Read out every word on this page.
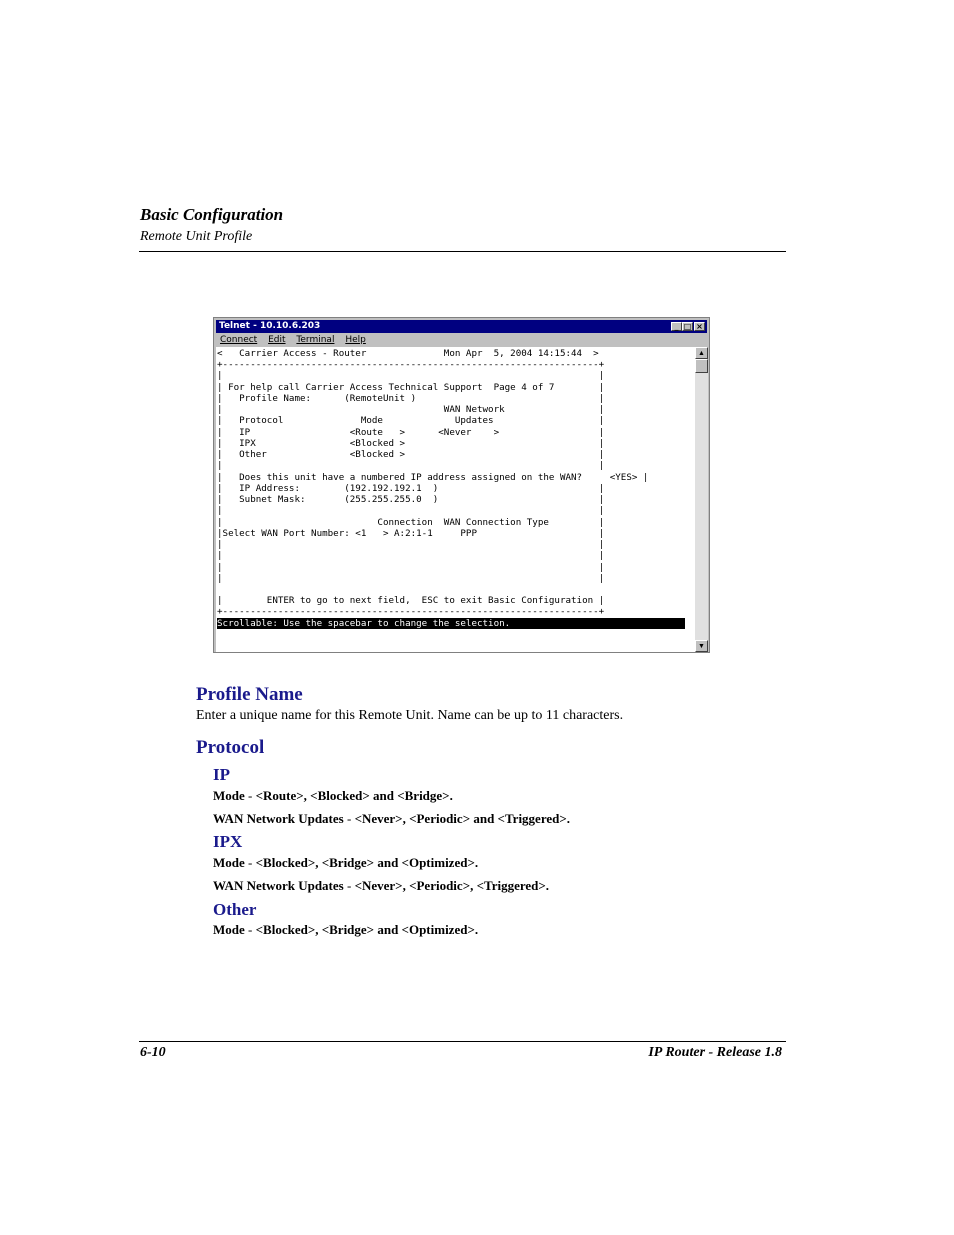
Basic Configuration
Remote Unit Profile
Telnet - 10.10.6.203	_ □ ×
Connect Edit Terminal Help
<   Carrier Access - Router              Mon Apr  5, 2004 14:15:44  >
+--------------------------------------------------------------------+
|                                                                    |
| For help call Carrier Access Technical Support  Page 4 of 7        |
|   Profile Name:      (RemoteUnit )                                 |
|                                        WAN Network                 |
|   Protocol              Mode             Updates                   |
|   IP                  <Route   >      <Never    >                  |
|   IPX                 <Blocked >                                   |
|   Other               <Blocked >                                   |
|                                                                    |
|   Does this unit have a numbered IP address assigned on the WAN?     <YES> |
|   IP Address:        (192.192.192.1  )                             |
|   Subnet Mask:       (255.255.255.0  )                             |
|                                                                    |
|                            Connection  WAN Connection Type         |
|Select WAN Port Number: <1   > A:2:1-1     PPP                      |
|                                                                    |
|                                                                    |
|                                                                    |
|                                                                    |
|        ENTER to go to next field,  ESC to exit Basic Configuration |
+--------------------------------------------------------------------+
Scrollable: Use the spacebar to change the selection.
▲
▼
Profile Name
Enter a unique name for this Remote Unit. Name can be up to 11 characters.
Protocol
IP
Mode - <Route>, <Blocked> and <Bridge>.
WAN Network Updates - <Never>, <Periodic> and <Triggered>.
IPX
Mode - <Blocked>, <Bridge> and <Optimized>.
WAN Network Updates - <Never>, <Periodic>, <Triggered>.
Other
Mode - <Blocked>, <Bridge> and <Optimized>.
6-10	IP Router - Release 1.8
